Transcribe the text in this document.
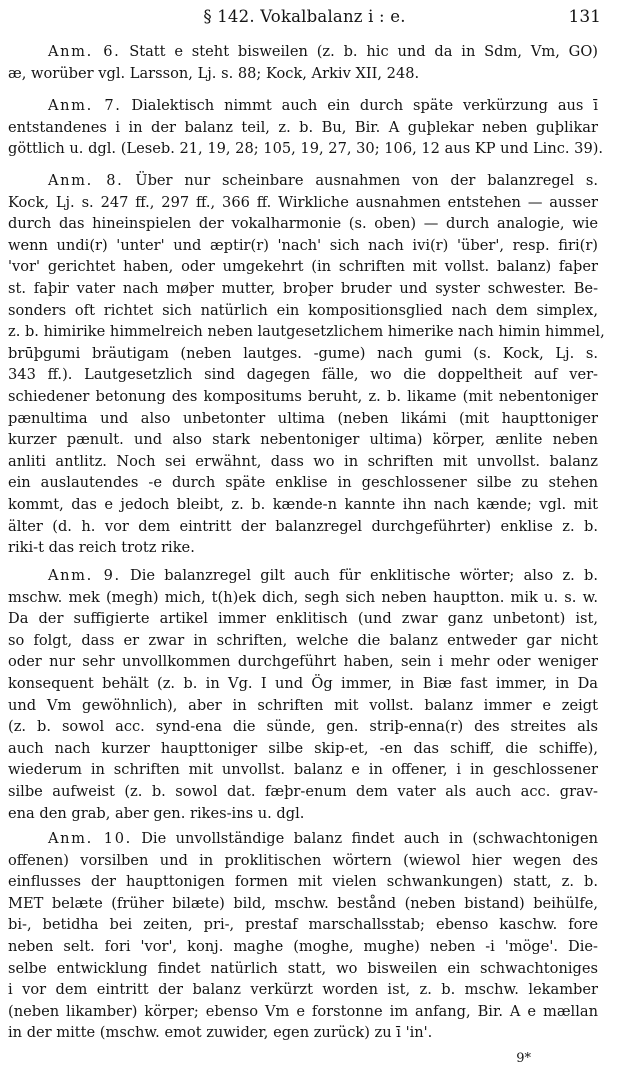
§ 142. Vokalbalanz i : e.	131
Anm. 6. Statt e steht bisweilen (z. b. hic und da in Sdm, Vm, GO)
æ, worüber vgl. Larsson, Lj. s. 88; Kock, Arkiv XII, 248.
Anm. 7. Dialektisch nimmt auch ein durch späte verkürzung aus ī
entstandenes i in der balanz teil, z. b. Bu, Bir. A guþlekar neben guþlikar
göttlich u. dgl. (Leseb. 21, 19, 28; 105, 19, 27, 30; 106, 12 aus KP und Linc. 39).
Anm. 8. Über nur scheinbare ausnahmen von der balanzregel s.
Kock, Lj. s. 247 ff., 297 ff., 366 ff. Wirkliche ausnahmen entstehen — ausser
durch das hineinspielen der vokalharmonie (s. oben) — durch analogie, wie
wenn undi(r) 'unter' und æptir(r) 'nach' sich nach ivi(r) 'über', resp. firi(r)
'vor' gerichtet haben, oder umgekehrt (in schriften mit vollst. balanz) faþer
st. faþir vater nach møþer mutter, broþer bruder und syster schwester. Be-
sonders oft richtet sich natürlich ein kompositionsglied nach dem simplex,
z. b. himirike himmelreich neben lautgesetzlichem himerike nach himin himmel,
brūþgumi bräutigam (neben lautges. -gume) nach gumi (s. Kock, Lj. s.
343 ff.). Lautgesetzlich sind dagegen fälle, wo die doppeltheit auf ver-
schiedener betonung des kompositums beruht, z. b. likame (mit nebentoniger
pænultima und also unbetonter ultima (neben likámi (mit haupttoniger
kurzer pænult. und also stark nebentoniger ultima) körper, ænlite neben
anliti antlitz. Noch sei erwähnt, dass wo in schriften mit unvollst. balanz
ein auslautendes -e durch späte enklise in geschlossener silbe zu stehen
kommt, das e jedoch bleibt, z. b. kænde-n kannte ihn nach kænde; vgl. mit
älter (d. h. vor dem eintritt der balanzregel durchgeführter) enklise z. b.
riki-t das reich trotz rike.
Anm. 9. Die balanzregel gilt auch für enklitische wörter; also z. b.
mschw. mek (megh) mich, t(h)ek dich, segh sich neben hauptton. mik u. s. w.
Da der suffigierte artikel immer enklitisch (und zwar ganz unbetont) ist,
so folgt, dass er zwar in schriften, welche die balanz entweder gar nicht
oder nur sehr unvollkommen durchgeführt haben, sein i mehr oder weniger
konsequent behält (z. b. in Vg. I und Ög immer, in Biæ fast immer, in Da
und Vm gewöhnlich), aber in schriften mit vollst. balanz immer e zeigt
(z. b. sowol acc. synd-ena die sünde, gen. striþ-enna(r) des streites als
auch nach kurzer haupttoniger silbe skip-et, -en das schiff, die schiffe),
wiederum in schriften mit unvollst. balanz e in offener, i in geschlossener
silbe aufweist (z. b. sowol dat. fæþr-enum dem vater als auch acc. grav-
ena den grab, aber gen. rikes-ins u. dgl.
Anm. 10. Die unvollständige balanz findet auch in (schwachtonigen
offenen) vorsilben und in proklitischen wörtern (wiewol hier wegen des
einflusses der haupttonigen formen mit vielen schwankungen) statt, z. b.
MET belæte (früher bilæte) bild, mschw. bestånd (neben bistand) beihülfe,
bi-, betidha bei zeiten, pri-, prestaf marschallsstab; ebenso kaschw. fore
neben selt. fori 'vor', konj. maghe (moghe, mughe) neben -i 'möge'. Die-
selbe entwicklung findet natürlich statt, wo bisweilen ein schwachtoniges
i vor dem eintritt der balanz verkürzt worden ist, z. b. mschw. lekamber
(neben likamber) körper; ebenso Vm e forstonne im anfang, Bir. A e mællan
in der mitte (mschw. emot zuwider, egen zurück) zu ī 'in'.
9*
